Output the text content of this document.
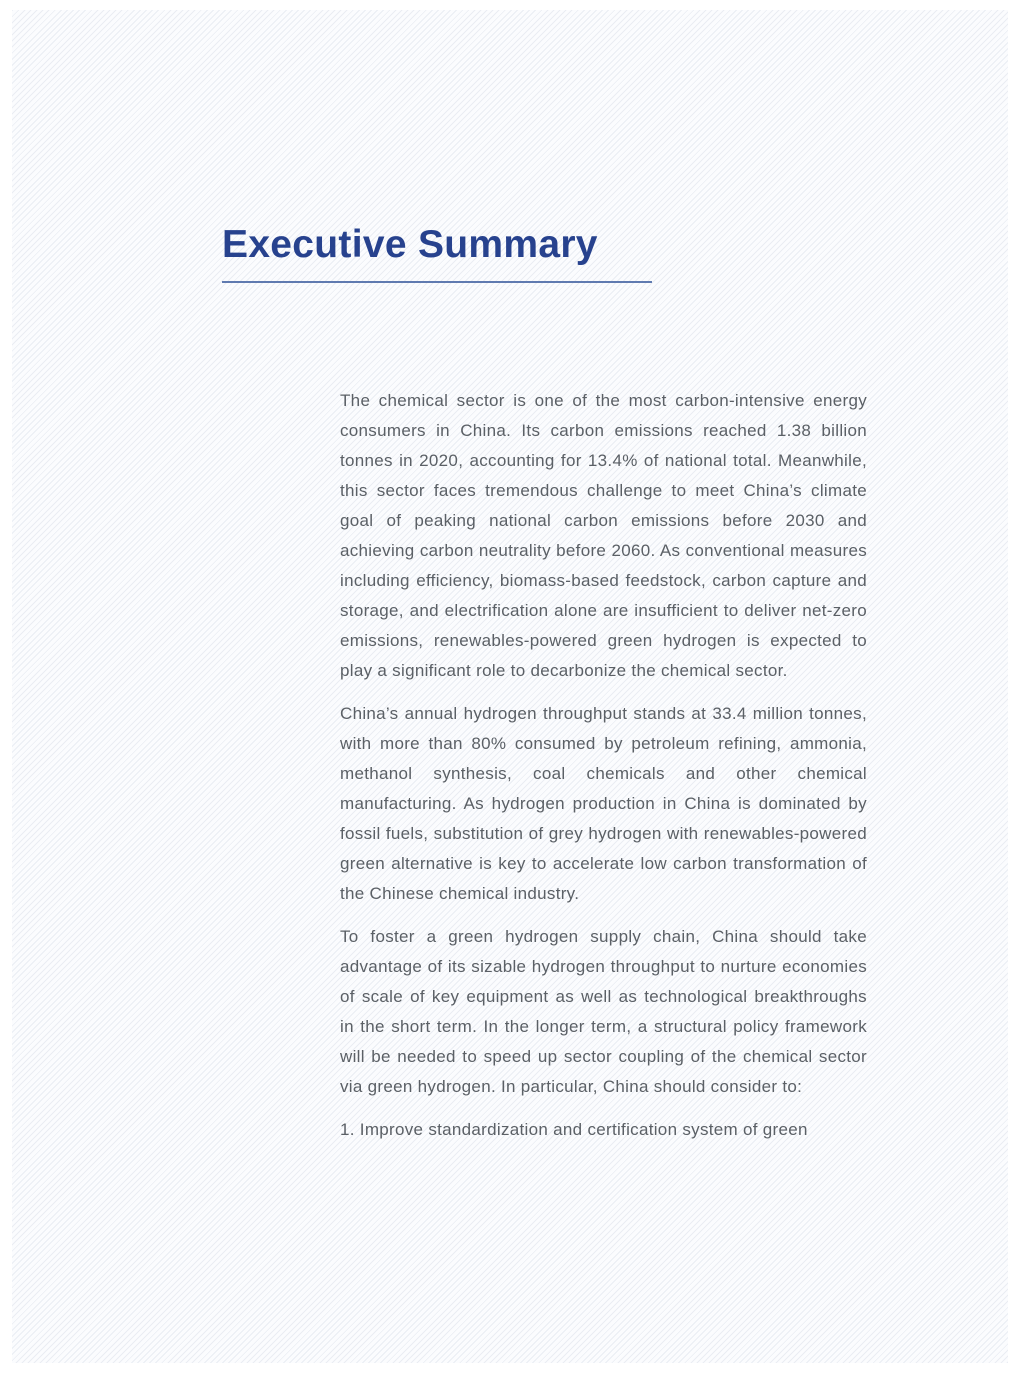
Executive Summary

The chemical sector is one of the most carbon-intensive energy consumers in China. Its carbon emissions reached 1.38 billion tonnes in 2020, accounting for 13.4% of national total. Meanwhile, this sector faces tremendous challenge to meet China’s climate goal of peaking national carbon emissions before 2030 and achieving carbon neutrality before 2060. As conventional measures including efficiency, biomass-based feedstock, carbon capture and storage, and electrification alone are insufficient to deliver net-zero emissions, renewables-powered green hydrogen is expected to play a significant role to decarbonize the chemical sector.

China’s annual hydrogen throughput stands at 33.4 million tonnes, with more than 80% consumed by petroleum refining, ammonia, methanol synthesis, coal chemicals and other chemical manufacturing. As hydrogen production in China is dominated by fossil fuels, substitution of grey hydrogen with renewables-powered green alternative is key to accelerate low carbon transformation of the Chinese chemical industry.

To foster a green hydrogen supply chain, China should take advantage of its sizable hydrogen throughput to nurture economies of scale of key equipment as well as technological breakthroughs in the short term. In the longer term, a structural policy framework will be needed to speed up sector coupling of the chemical sector via green hydrogen. In particular, China should consider to:

1. Improve standardization and certification system of green
